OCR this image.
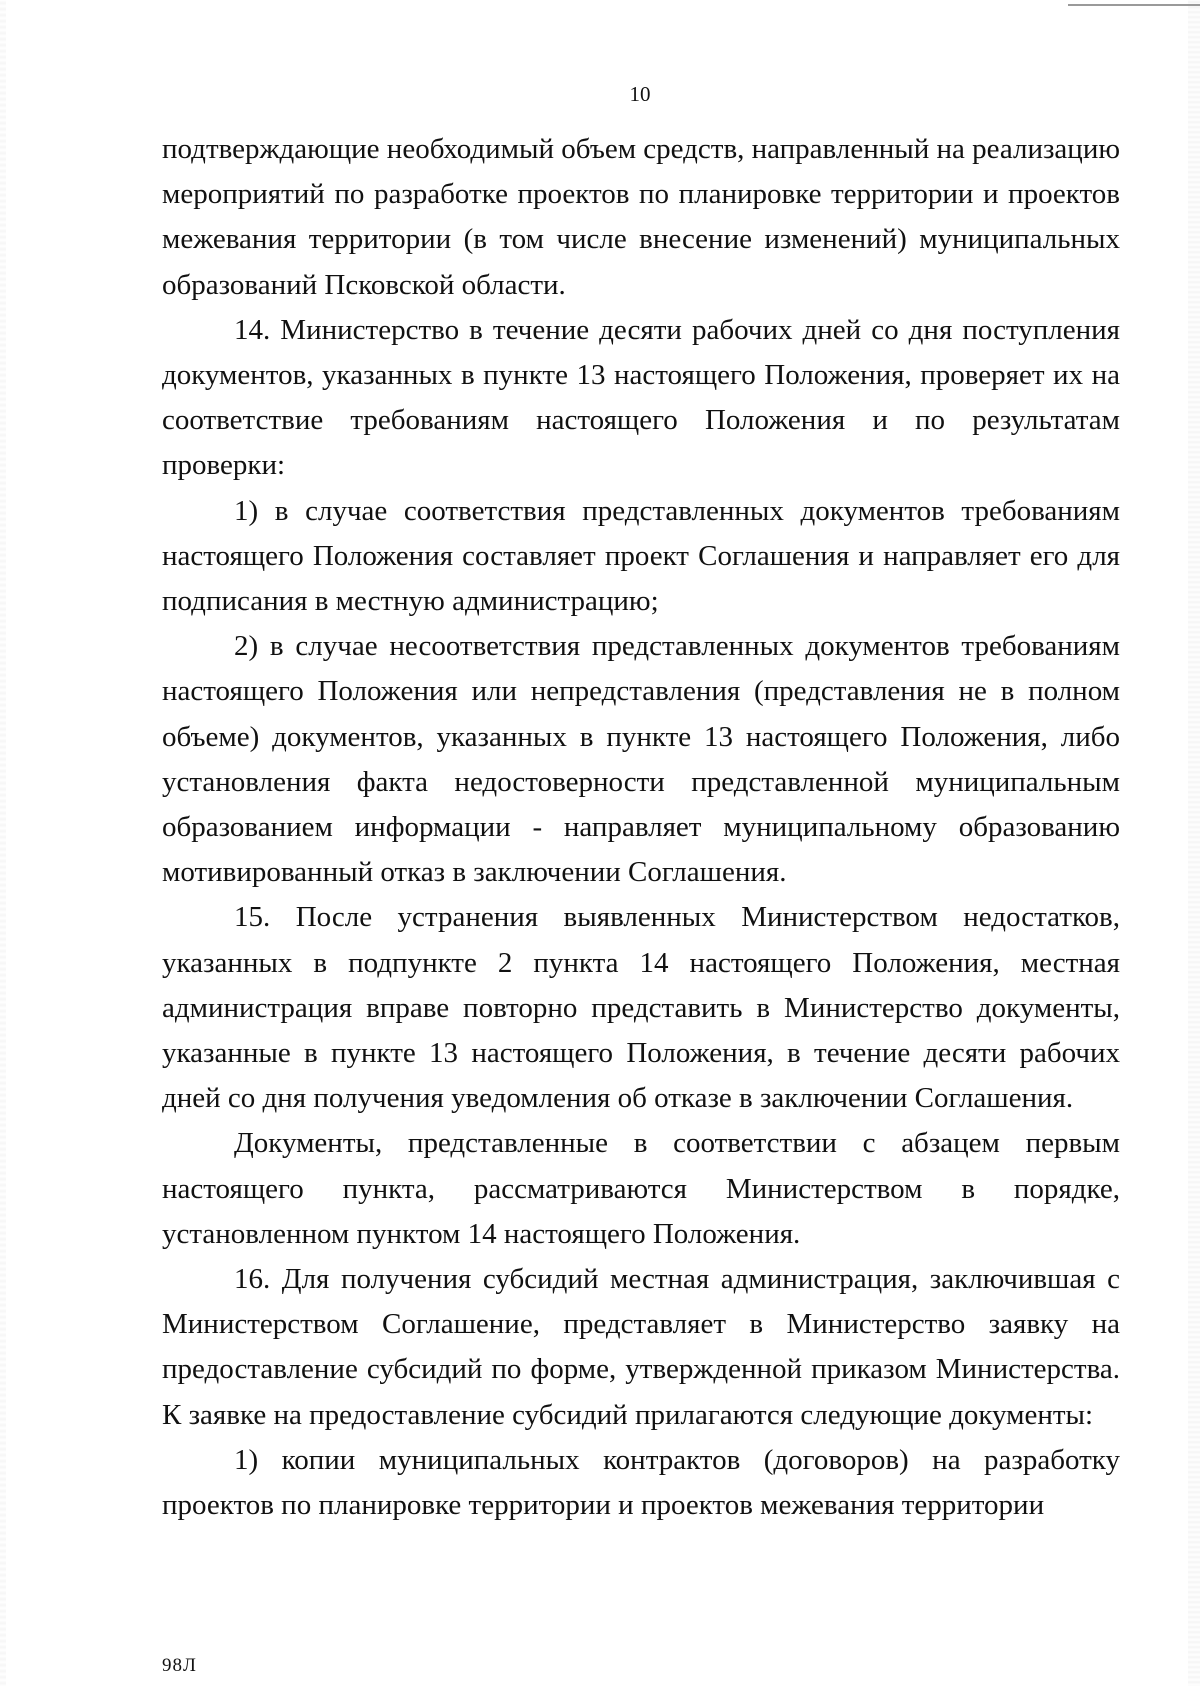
10

подтверждающие необходимый объем средств, направленный на реализацию мероприятий по разработке проектов по планировке территории и проектов межевания территории (в том числе внесение изменений) муниципальных образований Псковской области.

14. Министерство в течение десяти рабочих дней со дня поступления документов, указанных в пункте 13 настоящего Положения, проверяет их на соответствие требованиям настоящего Положения и по результатам проверки:

1) в случае соответствия представленных документов требованиям настоящего Положения составляет проект Соглашения и направляет его для подписания в местную администрацию;

2) в случае несоответствия представленных документов требованиям настоящего Положения или непредставления (представления не в полном объеме) документов, указанных в пункте 13 настоящего Положения, либо установления факта недостоверности представленной муниципальным образованием информации - направляет муниципальному образованию мотивированный отказ в заключении Соглашения.

15. После устранения выявленных Министерством недостатков, указанных в подпункте 2 пункта 14 настоящего Положения, местная администрация вправе повторно представить в Министерство документы, указанные в пункте 13 настоящего Положения, в течение десяти рабочих дней со дня получения уведомления об отказе в заключении Соглашения.

Документы, представленные в соответствии с абзацем первым настоящего пункта, рассматриваются Министерством в порядке, установленном пунктом 14 настоящего Положения.

16. Для получения субсидий местная администрация, заключившая с Министерством Соглашение, представляет в Министерство заявку на предоставление субсидий по форме, утвержденной приказом Министерства. К заявке на предоставление субсидий прилагаются следующие документы:

1) копии муниципальных контрактов (договоров) на разработку проектов по планировке территории и проектов межевания территории

98Л
